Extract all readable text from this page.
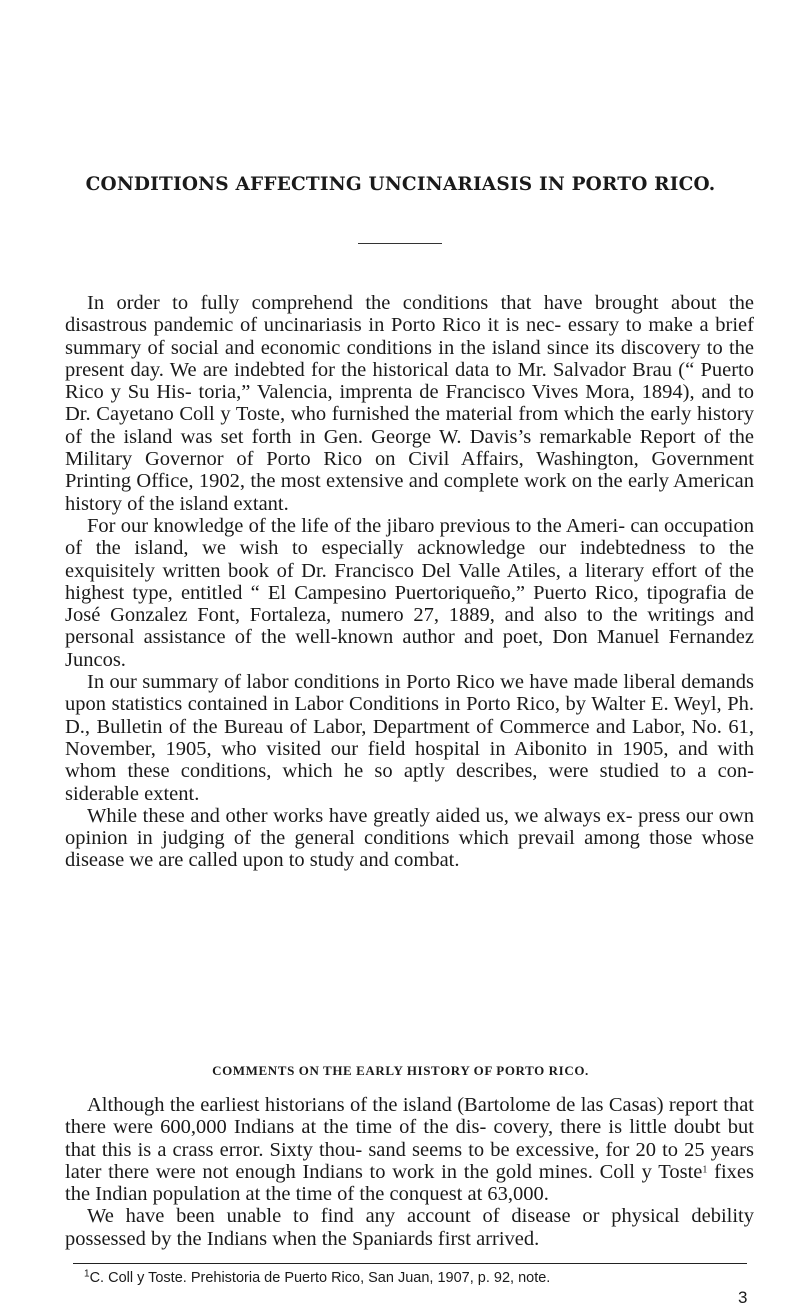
CONDITIONS AFFECTING UNCINARIASIS IN PORTO RICO.

In order to fully comprehend the conditions that have brought about the disastrous pandemic of uncinariasis in Porto Rico it is nec- essary to make a brief summary of social and economic conditions in the island since its discovery to the present day. We are indebted for the historical data to Mr. Salvador Brau (“ Puerto Rico y Su His- toria,” Valencia, imprenta de Francisco Vives Mora, 1894), and to Dr. Cayetano Coll y Toste, who furnished the material from which the early history of the island was set forth in Gen. George W. Davis’s remarkable Report of the Military Governor of Porto Rico on Civil Affairs, Washington, Government Printing Office, 1902, the most extensive and complete work on the early American history of the island extant.

For our knowledge of the life of the jibaro previous to the Ameri- can occupation of the island, we wish to especially acknowledge our indebtedness to the exquisitely written book of Dr. Francisco Del Valle Atiles, a literary effort of the highest type, entitled “ El Campesino Puertoriqueño,” Puerto Rico, tipografia de José Gonzalez Font, Fortaleza, numero 27, 1889, and also to the writings and personal assistance of the well-known author and poet, Don Manuel Fernandez Juncos.

In our summary of labor conditions in Porto Rico we have made liberal demands upon statistics contained in Labor Conditions in Porto Rico, by Walter E. Weyl, Ph. D., Bulletin of the Bureau of Labor, Department of Commerce and Labor, No. 61, November, 1905, who visited our field hospital in Aibonito in 1905, and with whom these conditions, which he so aptly describes, were studied to a con- siderable extent.

While these and other works have greatly aided us, we always ex- press our own opinion in judging of the general conditions which prevail among those whose disease we are called upon to study and combat.

COMMENTS ON THE EARLY HISTORY OF PORTO RICO.

Although the earliest historians of the island (Bartolome de las Casas) report that there were 600,000 Indians at the time of the dis- covery, there is little doubt but that this is a crass error. Sixty thou- sand seems to be excessive, for 20 to 25 years later there were not enough Indians to work in the gold mines. Coll y Toste$^1$ fixes the Indian population at the time of the conquest at 63,000.

We have been unable to find any account of disease or physical debility possessed by the Indians when the Spaniards first arrived.

$^1$C. Coll y Toste. Prehistoria de Puerto Rico, San Juan, 1907, p. 92, note.

3
